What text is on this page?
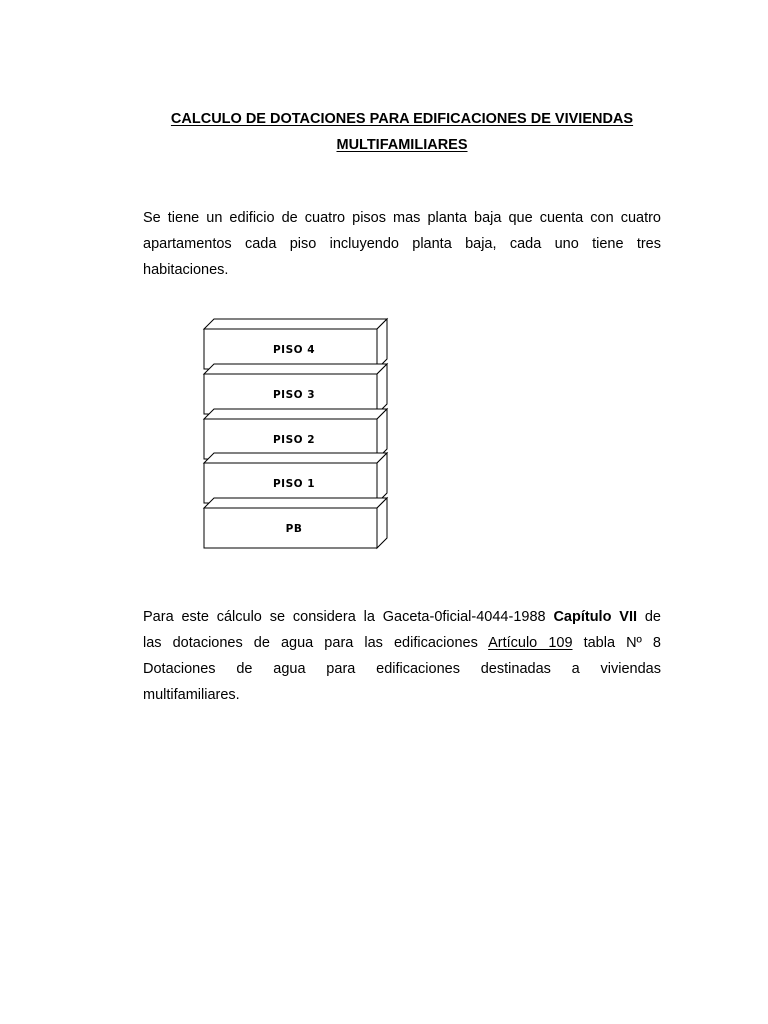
CALCULO DE DOTACIONES PARA EDIFICACIONES DE VIVIENDAS
MULTIFAMILIARES
Se tiene un edificio de cuatro pisos mas planta baja que cuenta con cuatro
apartamentos cada piso incluyendo planta baja, cada uno tiene tres
habitaciones.
PISO 4
PISO 3
PISO 2
PISO 1
PB
Para este cálculo se considera la Gaceta-0ficial-4044-1988 Capítulo VII de
las dotaciones de agua para las edificaciones Artículo 109 tabla Nº 8
Dotaciones de agua para edificaciones destinadas a viviendas
multifamiliares.
